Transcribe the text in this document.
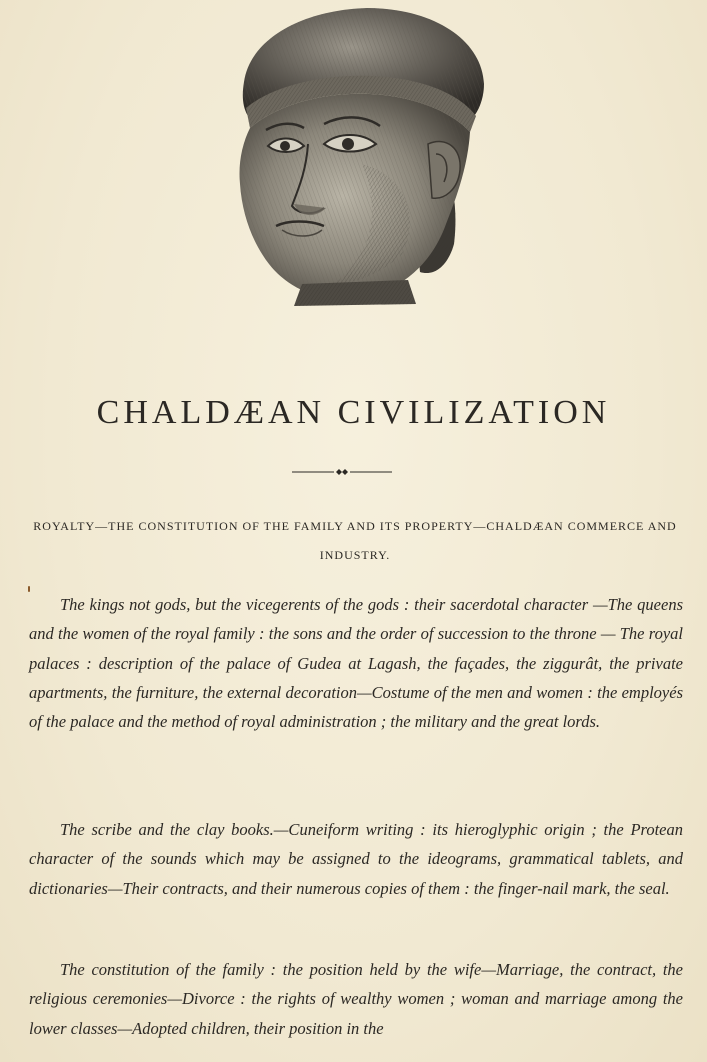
CHALDÆAN CIVILIZATION
ROYALTY—THE CONSTITUTION OF THE FAMILY AND ITS PROPERTY—CHALDÆAN COMMERCE AND INDUSTRY.

The kings not gods, but the vicegerents of the gods : their sacerdotal character —The queens and the women of the royal family : the sons and the order of succession to the throne — The royal palaces : description of the palace of Gudea at Lagash, the façades, the ziggurât, the private apartments, the furniture, the external decoration—Costume of the men and women : the employés of the palace and the method of royal administration ; the military and the great lords.

The scribe and the clay books.—Cuneiform writing : its hieroglyphic origin ; the Protean character of the sounds which may be assigned to the ideograms, grammatical tablets, and dictionaries—Their contracts, and their numerous copies of them : the finger-nail mark, the seal.

The constitution of the family : the position held by the wife—Marriage, the contract, the religious ceremonies—Divorce : the rights of wealthy women ; woman and marriage among the lower classes—Adopted children, their position in the
